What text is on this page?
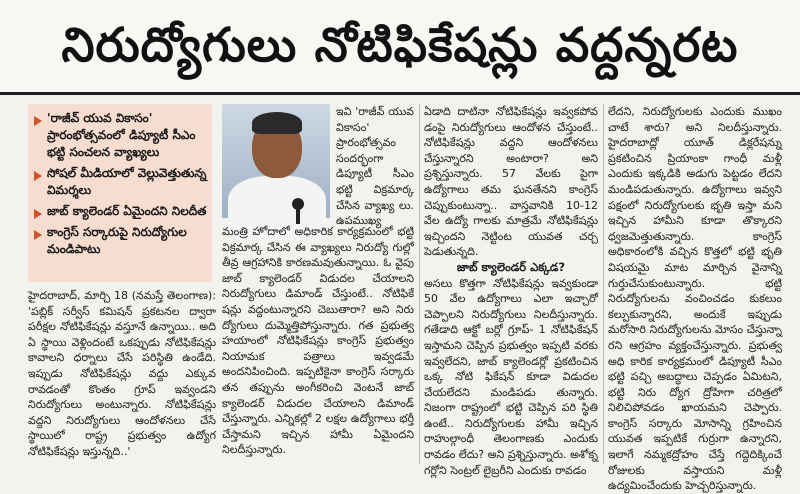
నిరుద్యోగులు నోటిఫికేషన్లు వద్దన్నరట
'రాజీవ్ యువ వికాసం' ప్రారంభోత్సవంలో డిప్యూటీ సీఎం భట్టి సంచలన వ్యాఖ్యలు
సోషల్ మీడియాలో వెల్లువెత్తుతున్న విమర్శలు
జాబ్ క్యాలెండర్ ఏమైందని నిలదీత
కాంగ్రెస్ సర్కారుపై నిరుద్యోగుల మండిపాటు

ఇవి 'రాజీవ్ యువ వికాసం' ప్రారంభోత్సవం సందర్భంగా డిప్యూటీ సీఎం భట్టి విక్రమార్క చేసిన వ్యాఖ్య లు. ఉపముఖ్య

మంత్రి హోదాలో అధికారిక కార్యక్రమంలో భట్టి విక్రమార్క చేసిన ఈ వ్యాఖ్యలు నిరుద్యో గుల్లో తీవ్ర ఆగ్రహానికి కారణమవుతున్నాయి. ఓ వైపు జాబ్ క్యాలెండర్ విడుదల చేయాలని నిరుద్యోగులు డిమాండ్ చేస్తుంటే.. నోటిఫికే షన్లు వద్దంటున్నారని చెబుతారా? అని నిరు ద్యోగులు దుమ్మెత్తిపోస్తున్నారు. గత ప్రభుత్వ హయాంలో నోటిఫికేషన్లు కాంగ్రెస్ ప్రభుత్వం నియామక పత్రాలు ఇవ్వడమే అందనిపించింది. ఇప్పటికైనా కాంగ్రెస్ సర్కారు తన తప్పును అంగీకరించి వెంటనే జాబ్ క్యాలెండర్ విడుదల చేయాలని డిమాండ్ చేస్తున్నారు. ఎన్నికల్లో 2 లక్షల ఉద్యోగాలు భర్తీ చేస్తామని ఇచ్చిన హామీ ఏమైందని నిలదీస్తున్నారు.

హైదరాబాద్, మార్చి 18 (నమస్తే తెలంగాణ): 'పబ్లిక్ సర్వీస్ కమిషన్ ప్రకటనల ద్వారా పరీక్షల నోటిఫికేషన్లు వస్తూనే ఉన్నాయి.. అది ఏ స్థాయి వెళ్లిందంటే ఒకప్పుడు నోటిఫికేషన్లు కావాలని ధర్నాలు చేసే పరిస్థితి ఉండేది. ఇప్పుడు నోటిఫికేషన్లు వద్దు ఎక్కువ రావడంతో కొంతం గ్రూప్ ఇవ్వండని నిరుద్యోగులు అంటున్నారు. నోటిఫికేషన్లు వద్దని నిరుద్యోగులు ఆందోళనలు చేసే స్థాయిలో రాష్ట్ర ప్రభుత్వం ఉద్యోగ నోటిఫికేషన్లు ఇస్తున్నది..'

ఏడాది దాటినా నోటిఫికేషన్లు ఇవ్వకపోవ డంపై నిరుద్యోగులు ఆందోళన చేస్తుంటే.. నోటిఫికేషన్లు వద్దని ఆందోళనలు చేస్తున్నారని అంటారా? అని ప్రశ్నిస్తున్నారు. 57 వేలకు పైగా ఉద్యోగాలు తమ ఘనతేనని కాంగ్రెస్ చెప్పుకుంటున్నా.. వాస్తవానికి 10-12 వేల ఉద్యో గాలకు మాత్రమే నోటిఫికేషన్లు ఇచ్చిందని నెట్టింట యువత చర్చ పెడుతున్నది.

జాబ్ క్యాలెండర్ ఎక్కడ?

అసలు కొత్తగా నోటిఫికేషన్లు ఇవ్వకుండా 50 వేల ఉద్యోగాలు ఎలా ఇచ్చారో చెప్పాలని నిరుద్యోగులు నిలదీస్తున్నారు. గతేడాది ఆక్టో బర్లో గ్రూప్- 1 నోటిఫికేషన్ ఇస్తామని చెప్పిన ప్రభుత్వం ఇప్పటి వరకు ఇవ్వలేదని, జాబ్ క్యాలెండర్లో ప్రకటించిన ఒక్క నోటి ఫికేషన్ కూడా విడుదల చేయలేదని మండిపడు తున్నారు. నిజంగా రాష్ట్రంలో భట్టి చెప్పిన పరి స్థితి ఉంటే.. నిరుద్యోగులకు హామీ ఇచ్చిన రాహుల్గాంధీ తెలంగాణకు ఎందుకు రావడం లేదు? అని ప్రశ్నిస్తున్నారు. అశోక్న గర్లోని సెంట్రల్ లైబ్రరీని ఎందుకు రావడం

లేదని, నిరుద్యోగులకు ఎందుకు ముఖం చాటే శారు? అని నిలదీస్తున్నారు. హైదరాబాద్లో యూత్ డిక్లరేషన్ను ప్రకటించిన ప్రియాంకా గాంధీ మళ్లీ ఎందుకు ఇక్కడికి అడుగు పెట్టడం లేదని మండిపడుతున్నారు. ఉద్యోగాలు ఇవ్వని పక్షంలో నిరుద్యోగులకు భృతి ఇస్తా మని ఇచ్చిన హామీని కూడా తొక్కారని ధ్వజమెత్తుతున్నారు. కాంగ్రెస్ అధికారంలోకి వచ్చిన కొత్తలో భట్టి భృతి విషయమై మాట మార్చిన వైనాన్ని గుర్తుచేసుకుంటున్నారు. భట్టి నిరుద్యోగులను వంచించడం కుకలుం కల్పుకున్నారని, అందుకే ఇప్పుడు మరోసారి నిరుద్యోగులను మోసం చేస్తున్నా రని ఆగ్రహం వ్యక్తంచేస్తున్నారు. ప్రభుత్వ అధి కారిక కార్యక్రమంలో డిప్యూటీ సీఎం భట్టి పచ్చి అబద్ధాలు చెప్పడం ఏమిటని, భట్టి నిరు ద్యోగ ద్రోహిగా చరిత్రలో నిలిచిపోవడం ఖాయమని చెప్పారు. కాంగ్రెస్ సర్కారు మోసాన్ని గ్రహించిన యువత ఇప్పటికే గుర్రుగా ఉన్నారని, ఇలాగే నమ్మకద్రోహం చేస్తే గద్దెదిక్కించే రోజులకు వస్తాయని మళ్లీ ఉద్యమించేందుకు హెచ్చరిస్తున్నారు.
